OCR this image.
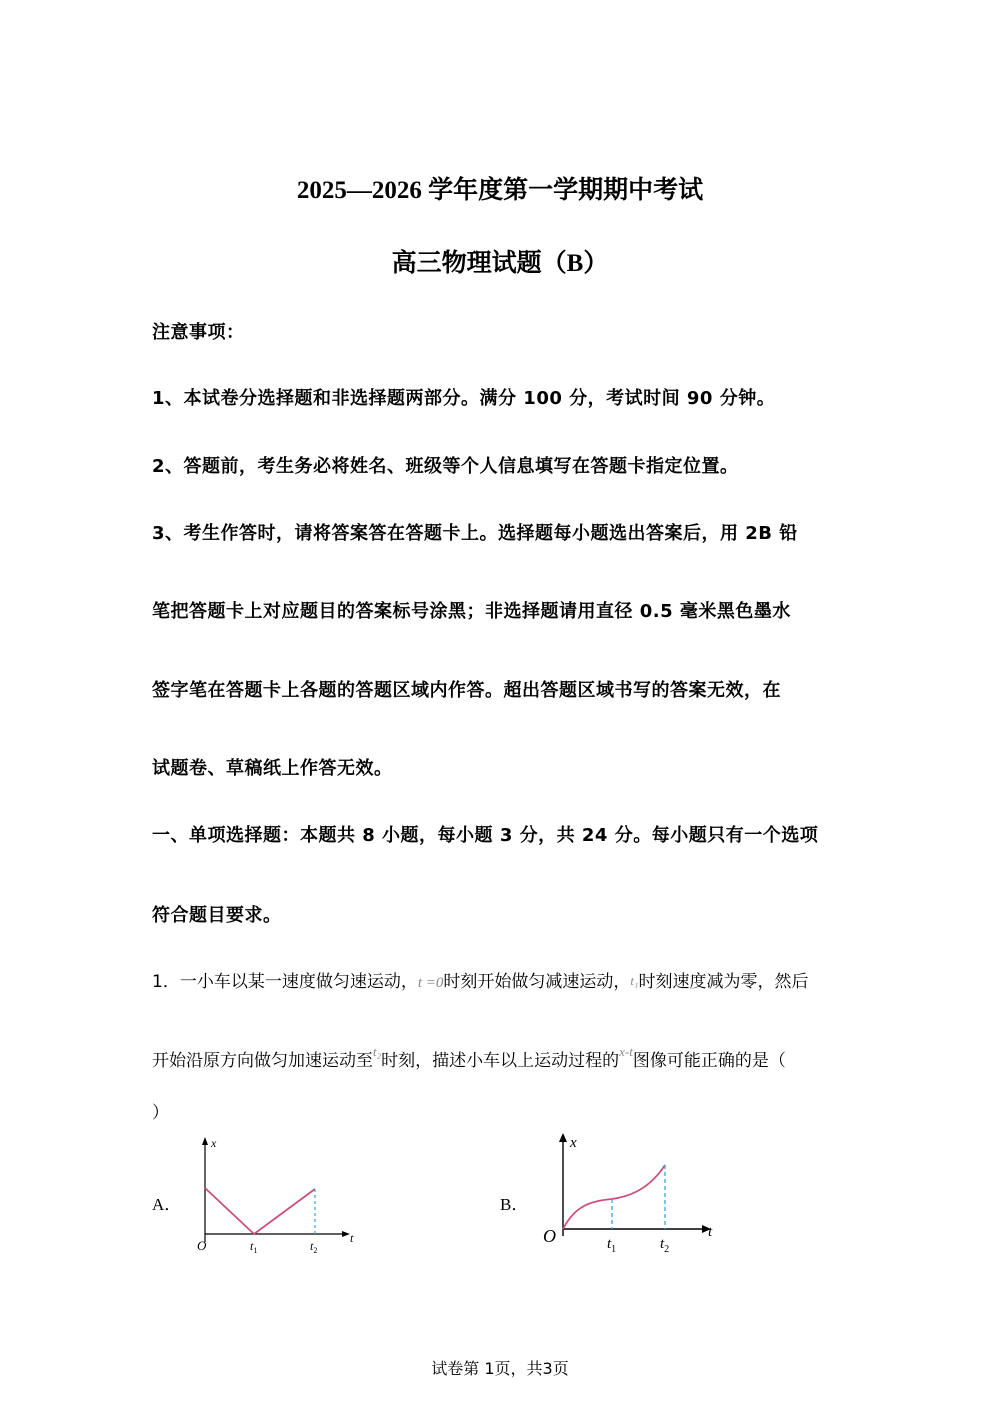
2025—2026 学年度第一学期期中考试
高三物理试题（B）
注意事项：
1、本试卷分选择题和非选择题两部分。满分 100 分，考试时间 90 分钟。
2、答题前，考生务必将姓名、班级等个人信息填写在答题卡指定位置。
3、考生作答时，请将答案答在答题卡上。选择题每小题选出答案后，用 2B 铅
笔把答题卡上对应题目的答案标号涂黑；非选择题请用直径 0.5 毫米黑色墨水
签字笔在答题卡上各题的答题区域内作答。超出答题区域书写的答案无效，在
试题卷、草稿纸上作答无效。
一、单项选择题：本题共 8 小题，每小题 3 分，共 24 分。每小题只有一个选项
符合题目要求。
1．一小车以某一速度做匀速运动，t =0时刻开始做匀减速运动，t₁时刻速度减为零，然后
开始沿原方向做匀加速运动至$^{t_2}$时刻，描述小车以上运动过程的$^{x-t}$图像可能正确的是（
）
A．
x
t
O	$t_1$	$t_2$
B．
x
t
O	$t_1$	$t_2$
试卷第 1页，共3页
